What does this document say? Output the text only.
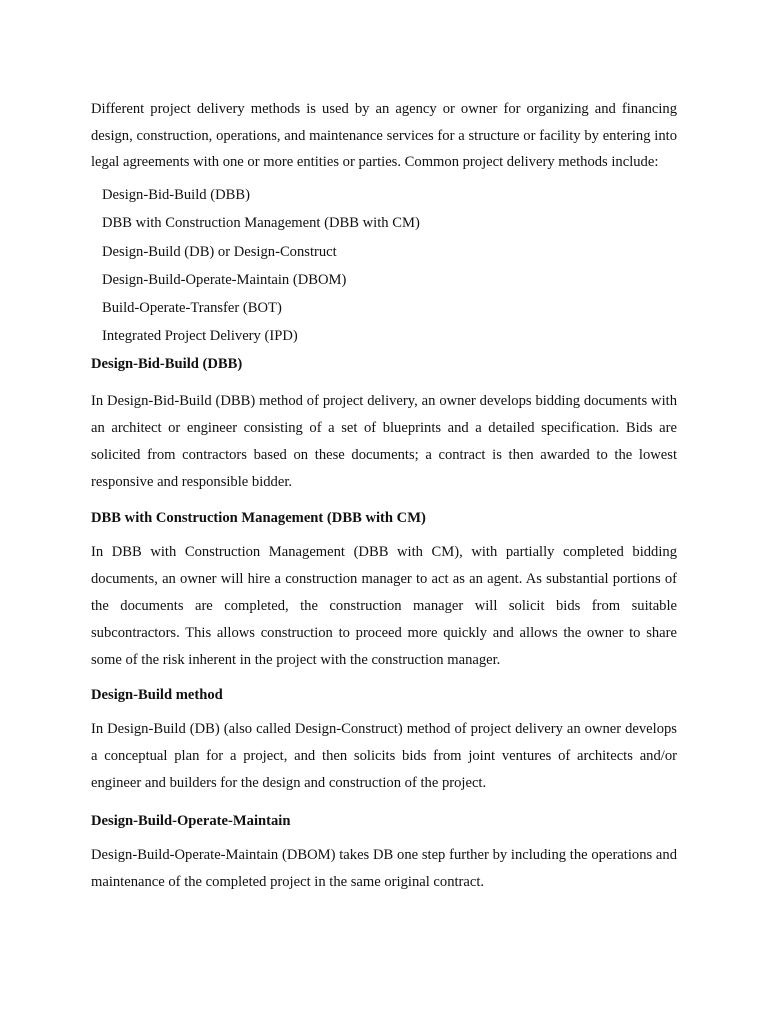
Different project delivery methods is used by an agency or owner for organizing and financing design, construction, operations, and maintenance services for a structure or facility by entering into legal agreements with one or more entities or parties. Common project delivery methods include:

Design-Bid-Build (DBB)
DBB with Construction Management (DBB with CM)
Design-Build (DB) or Design-Construct
Design-Build-Operate-Maintain (DBOM)
Build-Operate-Transfer (BOT)
Integrated Project Delivery (IPD)

Design-Bid-Build (DBB)

In Design-Bid-Build (DBB) method of project delivery, an owner develops bidding documents with an architect or engineer consisting of a set of blueprints and a detailed specification. Bids are solicited from contractors based on these documents; a contract is then awarded to the lowest responsive and responsible bidder.

DBB with Construction Management (DBB with CM)

In DBB with Construction Management (DBB with CM), with partially completed bidding documents, an owner will hire a construction manager to act as an agent. As substantial portions of the documents are completed, the construction manager will solicit bids from suitable subcontractors. This allows construction to proceed more quickly and allows the owner to share some of the risk inherent in the project with the construction manager.

Design-Build method

In Design-Build (DB) (also called Design-Construct) method of project delivery an owner develops a conceptual plan for a project, and then solicits bids from joint ventures of architects and/or engineer and builders for the design and construction of the project.

Design-Build-Operate-Maintain

Design-Build-Operate-Maintain (DBOM) takes DB one step further by including the operations and maintenance of the completed project in the same original contract.
